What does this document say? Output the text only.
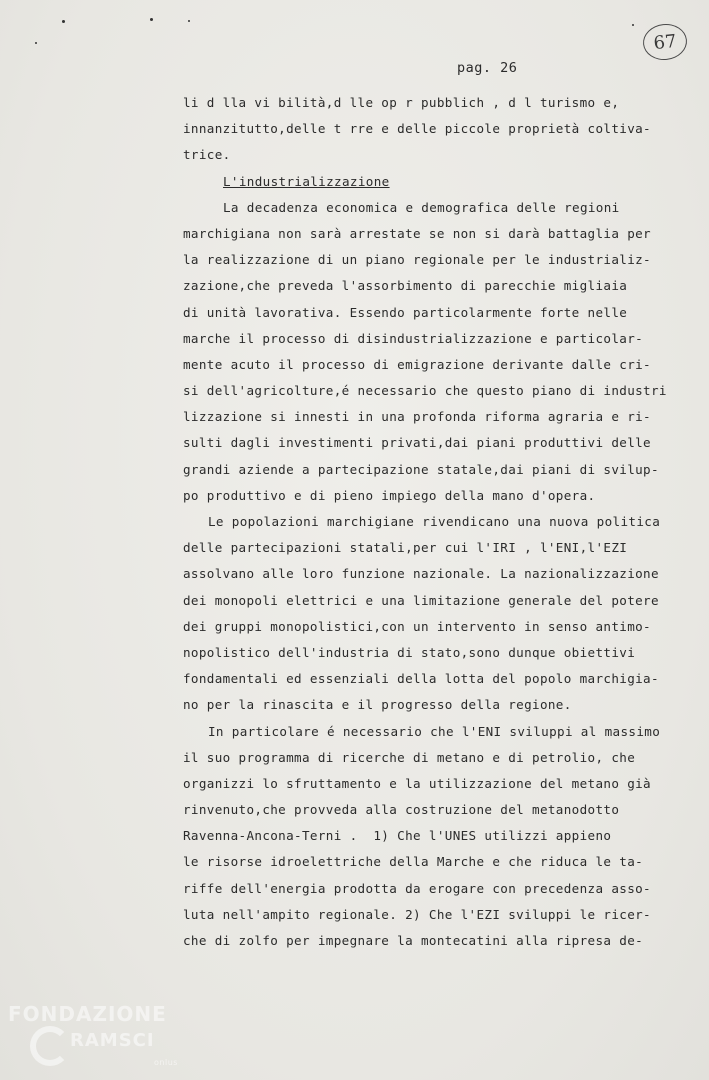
67
pag. 26
li d lla vi bilità,d lle op r pubblich , d l turismo e,
innanzitutto,delle t rre e delle piccole proprietà coltiva-
trice.
L'industrializzazione
La decadenza economica e demografica delle regioni
marchigiana non sarà arrestate se non si darà battaglia per
la realizzazione di un piano regionale per le industrializ-
zazione,che preveda l'assorbimento di parecchie migliaia
di unità lavorativa. Essendo particolarmente forte nelle
marche il processo di disindustrializzazione e particolar-
mente acuto il processo di emigrazione derivante dalle cri-
si dell'agricolture,é necessario che questo piano di industri
lizzazione si innesti in una profonda riforma agraria e ri-
sulti dagli investimenti privati,dai piani produttivi delle
grandi aziende a partecipazione statale,dai piani di svilup-
po produttivo e di pieno impiego della mano d'opera.
Le popolazioni marchigiane rivendicano una nuova politica
delle partecipazioni statali,per cui l'IRI , l'ENI,l'EZI
assolvano alle loro funzione nazionale. La nazionalizzazione
dei monopoli elettrici e una limitazione generale del potere
dei gruppi monopolistici,con un intervento in senso antimo-
nopolistico dell'industria di stato,sono dunque obiettivi
fondamentali ed essenziali della lotta del popolo marchigia-
no per la rinascita e il progresso della regione.
In particolare é necessario che l'ENI sviluppi al massimo
il suo programma di ricerche di metano e di petrolio, che
organizzi lo sfruttamento e la utilizzazione del metano già
rinvenuto,che provveda alla costruzione del metanodotto
Ravenna-Ancona-Terni .  1) Che l'UNES utilizzi appieno
le risorse idroelettriche della Marche e che riduca le ta-
riffe dell'energia prodotta da erogare con precedenza asso-
luta nell'ampito regionale. 2) Che l'EZI sviluppi le ricer-
che di zolfo per impegnare la montecatini alla ripresa de-
FONDAZIONE
RAMSCI
onlus
